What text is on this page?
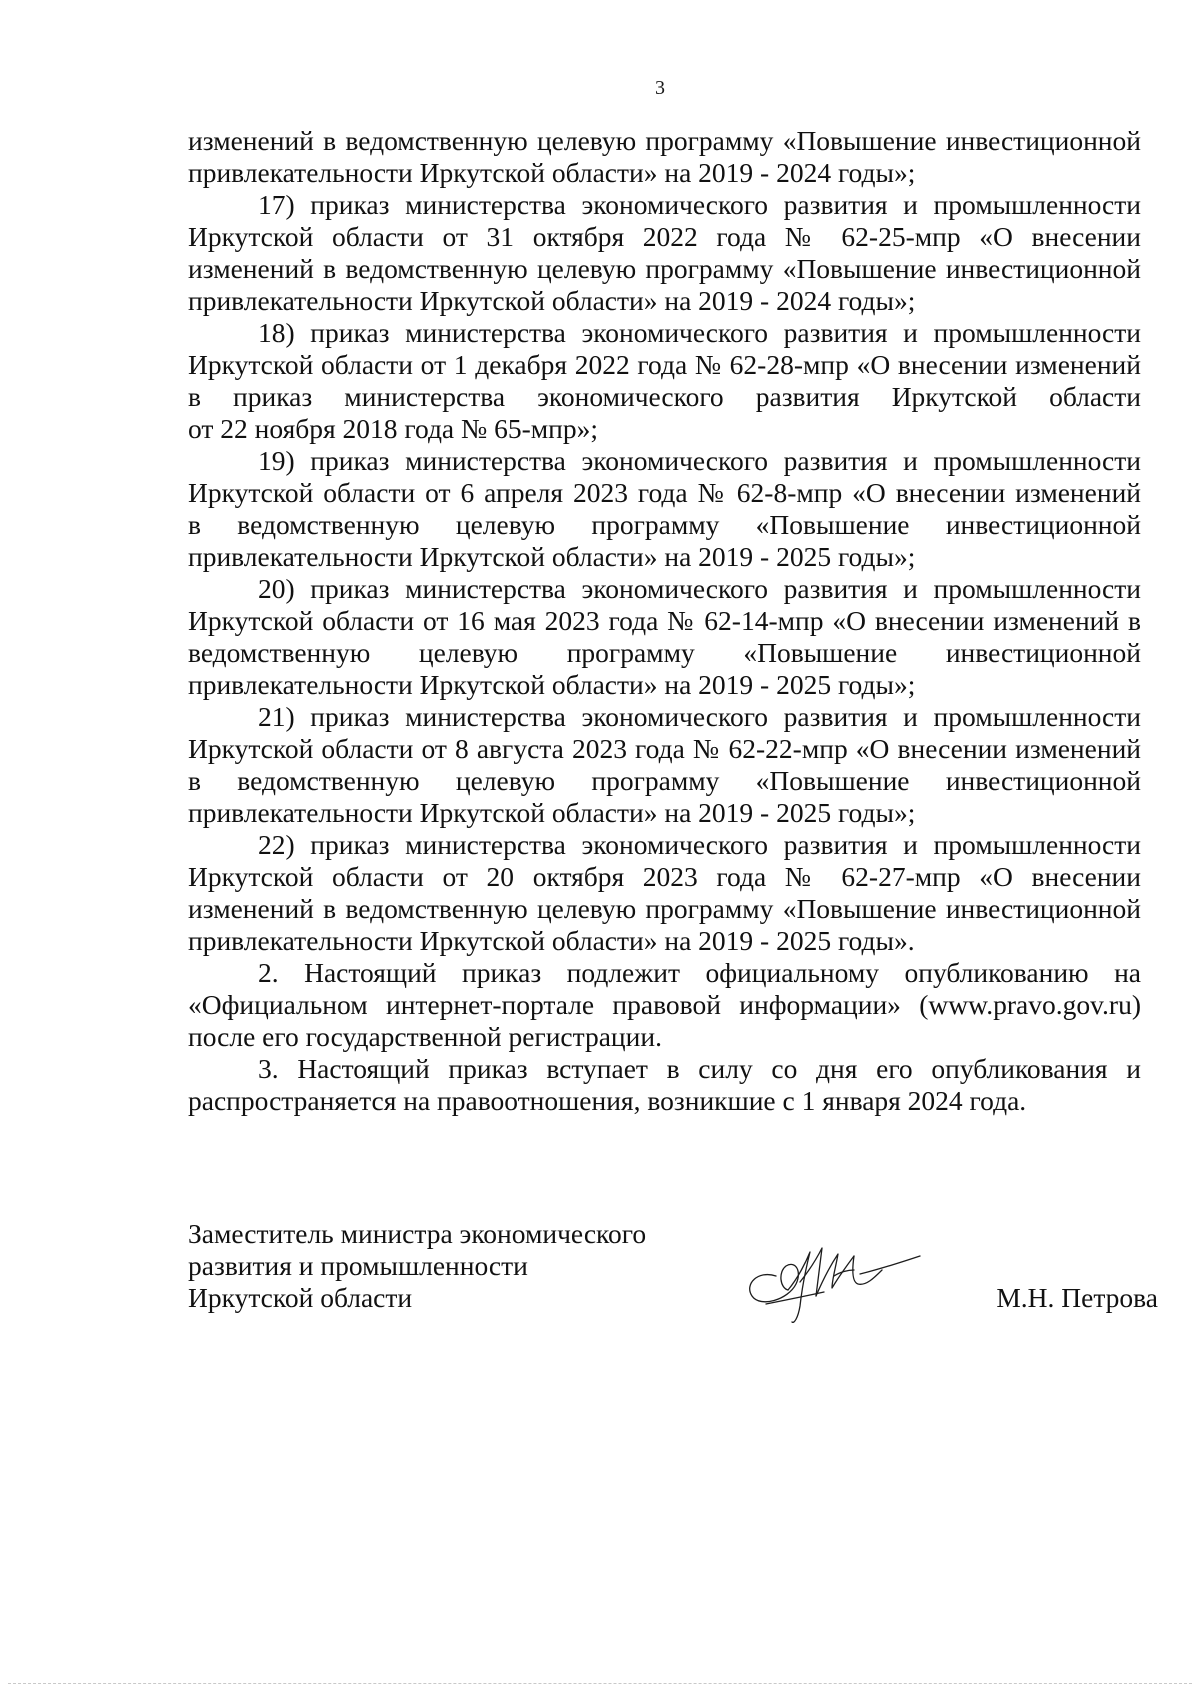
3

изменений в ведомственную целевую программу «Повышение инвестиционной
привлекательности Иркутской области» на 2019 - 2024 годы»;

17) приказ министерства экономического развития и промышленности
Иркутской области от 31 октября 2022 года № 62-25-мпр «О внесении
изменений в ведомственную целевую программу «Повышение инвестиционной
привлекательности Иркутской области» на 2019 - 2024 годы»;

18) приказ министерства экономического развития и промышленности
Иркутской области от 1 декабря 2022 года № 62-28-мпр «О внесении изменений
в приказ министерства экономического развития Иркутской области
от 22 ноября 2018 года № 65-мпр»;

19) приказ министерства экономического развития и промышленности
Иркутской области от 6 апреля 2023 года № 62-8-мпр «О внесении изменений
в ведомственную целевую программу «Повышение инвестиционной
привлекательности Иркутской области» на 2019 - 2025 годы»;

20) приказ министерства экономического развития и промышленности
Иркутской области от 16 мая 2023 года № 62-14-мпр «О внесении изменений в
ведомственную целевую программу «Повышение инвестиционной
привлекательности Иркутской области» на 2019 - 2025 годы»;

21) приказ министерства экономического развития и промышленности
Иркутской области от 8 августа 2023 года № 62-22-мпр «О внесении изменений
в ведомственную целевую программу «Повышение инвестиционной
привлекательности Иркутской области» на 2019 - 2025 годы»;

22) приказ министерства экономического развития и промышленности
Иркутской области от 20 октября 2023 года № 62-27-мпр «О внесении
изменений в ведомственную целевую программу «Повышение инвестиционной
привлекательности Иркутской области» на 2019 - 2025 годы».

2. Настоящий приказ подлежит официальному опубликованию на
«Официальном интернет-портале правовой информации» (www.pravo.gov.ru)
после его государственной регистрации.

3. Настоящий приказ вступает в силу со дня его опубликования и
распространяется на правоотношения, возникшие с 1 января 2024 года.

Заместитель министра экономического
развития и промышленности
Иркутской области	М.Н. Петрова
